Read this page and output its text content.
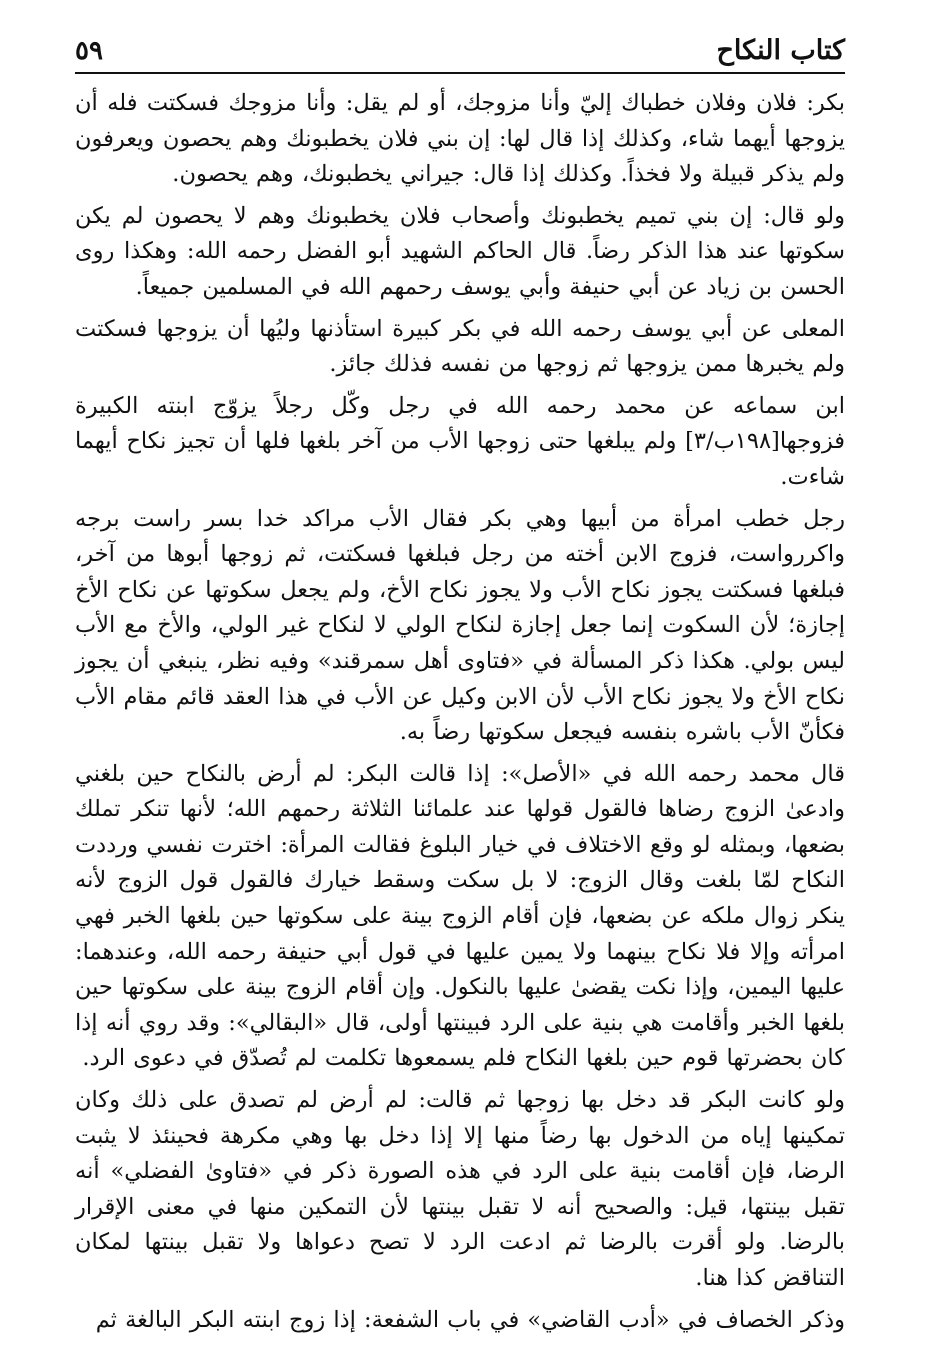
كتاب النكاح
٥٩

بكر: فلان وفلان خطباك إليّ وأنا مزوجك، أو لم يقل: وأنا مزوجك فسكتت فله أن يزوجها أيهما شاء، وكذلك إذا قال لها: إن بني فلان يخطبونك وهم يحصون ويعرفون ولم يذكر قبيلة ولا فخذاً. وكذلك إذا قال: جيراني يخطبونك، وهم يحصون.

ولو قال: إن بني تميم يخطبونك وأصحاب فلان يخطبونك وهم لا يحصون لم يكن سكوتها عند هذا الذكر رضاً. قال الحاكم الشهيد أبو الفضل رحمه الله: وهكذا روى الحسن بن زياد عن أبي حنيفة وأبي يوسف رحمهم الله في المسلمين جميعاً.

المعلى عن أبي يوسف رحمه الله في بكر كبيرة استأذنها وليُها أن يزوجها فسكتت ولم يخبرها ممن يزوجها ثم زوجها من نفسه فذلك جائز.

ابن سماعه عن محمد رحمه الله في رجل وكّل رجلاً يزوّج ابنته الكبيرة فزوجها[١٩٨ب/٣] ولم يبلغها حتى زوجها الأب من آخر بلغها فلها أن تجيز نكاح أيهما شاءت.

رجل خطب امرأة من أبيها وهي بكر فقال الأب مراكد خدا بسر راست برجه واكررواست، فزوج الابن أخته من رجل فبلغها فسكتت، ثم زوجها أبوها من آخر، فبلغها فسكتت يجوز نكاح الأب ولا يجوز نكاح الأخ، ولم يجعل سكوتها عن نكاح الأخ إجازة؛ لأن السكوت إنما جعل إجازة لنكاح الولي لا لنكاح غير الولي، والأخ مع الأب ليس بولي. هكذا ذكر المسألة في «فتاوى أهل سمرقند» وفيه نظر، ينبغي أن يجوز نكاح الأخ ولا يجوز نكاح الأب لأن الابن وكيل عن الأب في هذا العقد قائم مقام الأب فكأنّ الأب باشره بنفسه فيجعل سكوتها رضاً به.

قال محمد رحمه الله في «الأصل»: إذا قالت البكر: لم أرض بالنكاح حين بلغني وادعىٰ الزوج رضاها فالقول قولها عند علمائنا الثلاثة رحمهم الله؛ لأنها تنكر تملك بضعها، وبمثله لو وقع الاختلاف في خيار البلوغ فقالت المرأة: اخترت نفسي ورددت النكاح لمّا بلغت وقال الزوج: لا بل سكت وسقط خيارك فالقول قول الزوج لأنه ينكر زوال ملكه عن بضعها، فإن أقام الزوج بينة على سكوتها حين بلغها الخبر فهي امرأته وإلا فلا نكاح بينهما ولا يمين عليها في قول أبي حنيفة رحمه الله، وعندهما: عليها اليمين، وإذا نكت يقضىٰ عليها بالنكول. وإن أقام الزوج بينة على سكوتها حين بلغها الخبر وأقامت هي بنية على الرد فبينتها أولى، قال «البقالي»: وقد روي أنه إذا كان بحضرتها قوم حين بلغها النكاح فلم يسمعوها تكلمت لم تُصدّق في دعوى الرد.

ولو كانت البكر قد دخل بها زوجها ثم قالت: لم أرض لم تصدق على ذلك وكان تمكينها إياه من الدخول بها رضاً منها إلا إذا دخل بها وهي مكرهة فحينئذ لا يثبت الرضا، فإن أقامت بنية على الرد في هذه الصورة ذكر في «فتاوىٰ الفضلي» أنه تقبل بينتها، قيل: والصحيح أنه لا تقبل بينتها لأن التمكين منها في معنى الإقرار بالرضا. ولو أقرت بالرضا ثم ادعت الرد لا تصح دعواها ولا تقبل بينتها لمكان التناقض كذا هنا.

وذكر الخصاف في «أدب القاضي» في باب الشفعة: إذا زوج ابنته البكر البالغة ثم
